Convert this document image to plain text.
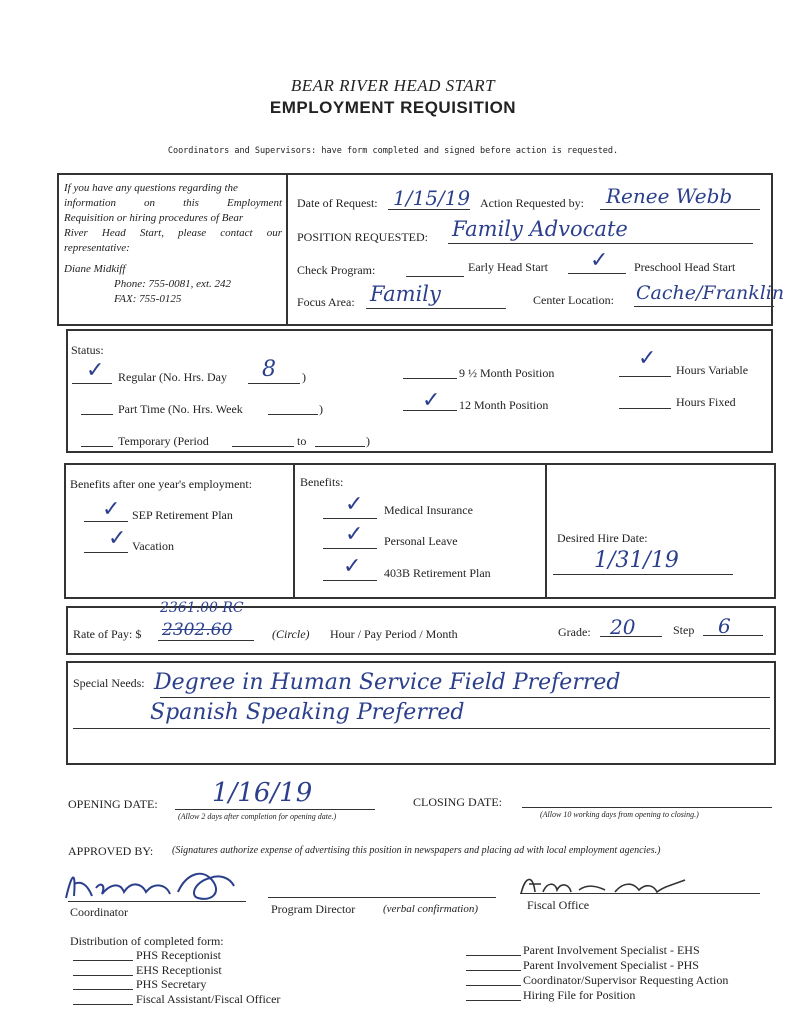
BEAR RIVER HEAD START
EMPLOYMENT REQUISITION
Coordinators and Supervisors: have form completed and signed before action is requested.
If you have any questions regarding the
information on this Employment
Requisition or hiring procedures of Bear
River Head Start, please contact our
representative:
Diane Midkiff
Phone: 755-0081, ext. 242
FAX: 755-0125
Date of Request: 1/15/19 Action Requested by: Renee Webb
POSITION REQUESTED: Family Advocate
Check Program:	Early Head Start ✓ Preschool Head Start
Focus Area: Family	Center Location: Cache/Franklin
Status:
✓ Regular (No. Hrs. Day 8 )
Part Time (No. Hrs. Week	)
Temporary (Period	to	)
9 ½ Month Position
✓ 12 Month Position
✓ Hours Variable
Hours Fixed
Benefits after one year's employment:
✓ SEP Retirement Plan
✓ Vacation
Benefits:
✓ Medical Insurance
✓ Personal Leave
✓ 403B Retirement Plan
Desired Hire Date:
1/31/19
Rate of Pay: $ 2302.60
2361.00 RC
(Circle) Hour / Pay Period / Month	Grade: 20	Step 6
Special Needs: Degree in Human Service Field Preferred
Spanish Speaking Preferred
OPENING DATE: 1/16/19
(Allow 2 days after completion for opening date.)
CLOSING DATE:
(Allow 10 working days from opening to closing.)
APPROVED BY: (Signatures authorize expense of advertising this position in newspapers and placing ad with local employment agencies.)
Coordinator	Program Director	(verbal confirmation)	Fiscal Office
Distribution of completed form:
PHS Receptionist
EHS Receptionist
PHS Secretary
Fiscal Assistant/Fiscal Officer
Parent Involvement Specialist - EHS
Parent Involvement Specialist - PHS
Coordinator/Supervisor Requesting Action
Hiring File for Position
